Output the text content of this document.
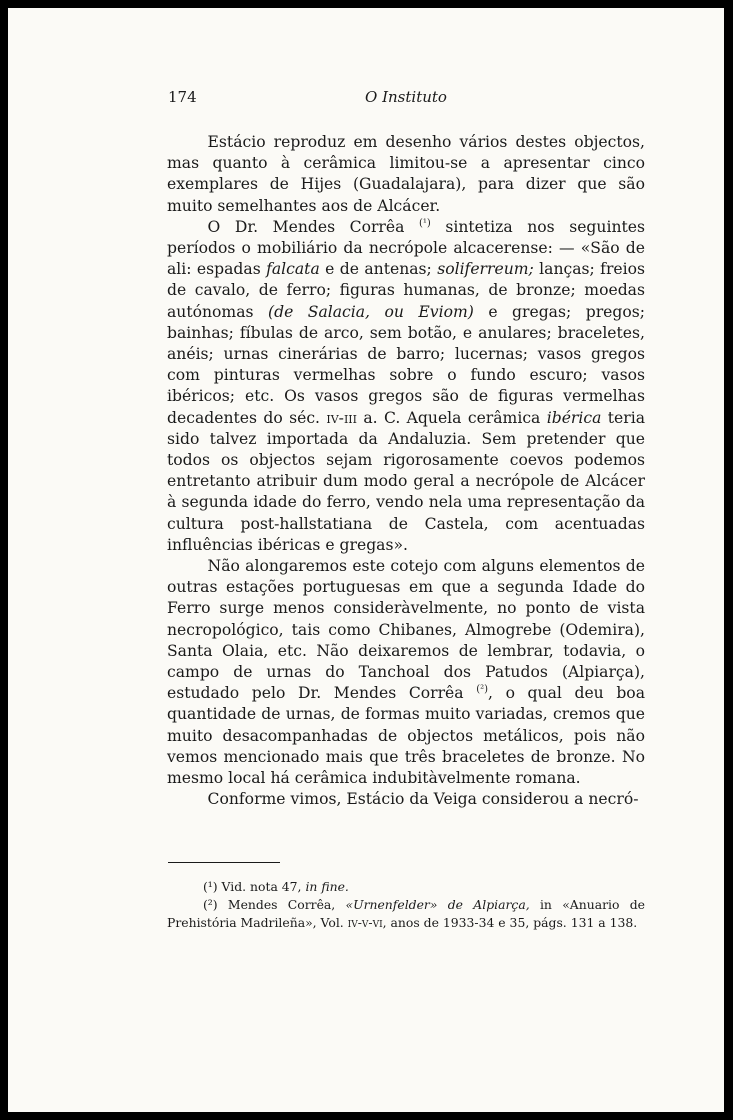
174	O Instituto

Estácio reproduz em desenho vários destes objectos, mas quanto à cerâmica limitou-se a apresentar cinco exemplares de Hijes (Guadalajara), para dizer que são muito semelhantes aos de Alcácer.

O Dr. Mendes Corrêa $^{(^1)}$ sintetiza nos seguintes períodos o mobiliário da necrópole alcacerense: — «São de ali: espadas falcata e de antenas; soliferreum; lanças; freios de cavalo, de ferro; figuras humanas, de bronze; moedas autónomas (de Salacia, ou Eviom) e gregas; pregos; bainhas; fíbulas de arco, sem botão, e anulares; braceletes, anéis; urnas cinerárias de barro; lucernas; vasos gregos com pinturas vermelhas sobre o fundo escuro; vasos ibéricos; etc. Os vasos gregos são de figuras vermelhas decadentes do séc. iv-iii a. C. Aquela cerâmica ibérica teria sido talvez importada da Andaluzia. Sem pretender que todos os objectos sejam rigorosamente coevos podemos entretanto atribuir dum modo geral a necrópole de Alcácer à segunda idade do ferro, vendo nela uma representação da cultura post-hallstatiana de Castela, com acentuadas influências ibéricas e gregas».

Não alongaremos este cotejo com alguns elementos de outras estações portuguesas em que a segunda Idade do Ferro surge menos consideràvelmente, no ponto de vista necropológico, tais como Chibanes, Almogrebe (Odemira), Santa Olaia, etc. Não deixaremos de lembrar, todavia, o campo de urnas do Tanchoal dos Patudos (Alpiarça), estudado pelo Dr. Mendes Corrêa $^{(^2)}$, o qual deu boa quantidade de urnas, de formas muito variadas, cremos que muito desacompanhadas de objectos metálicos, pois não vemos mencionado mais que três braceletes de bronze. No mesmo local há cerâmica indubitàvelmente romana.

Conforme vimos, Estácio da Veiga considerou a necró-

(¹) Vid. nota 47, in fine.

(²) Mendes Corrêa, «Urnenfelder» de Alpiarça, in «Anuario de Prehistória Madrileña», Vol. iv-v-vi, anos de 1933-34 e 35, págs. 131 a 138.
